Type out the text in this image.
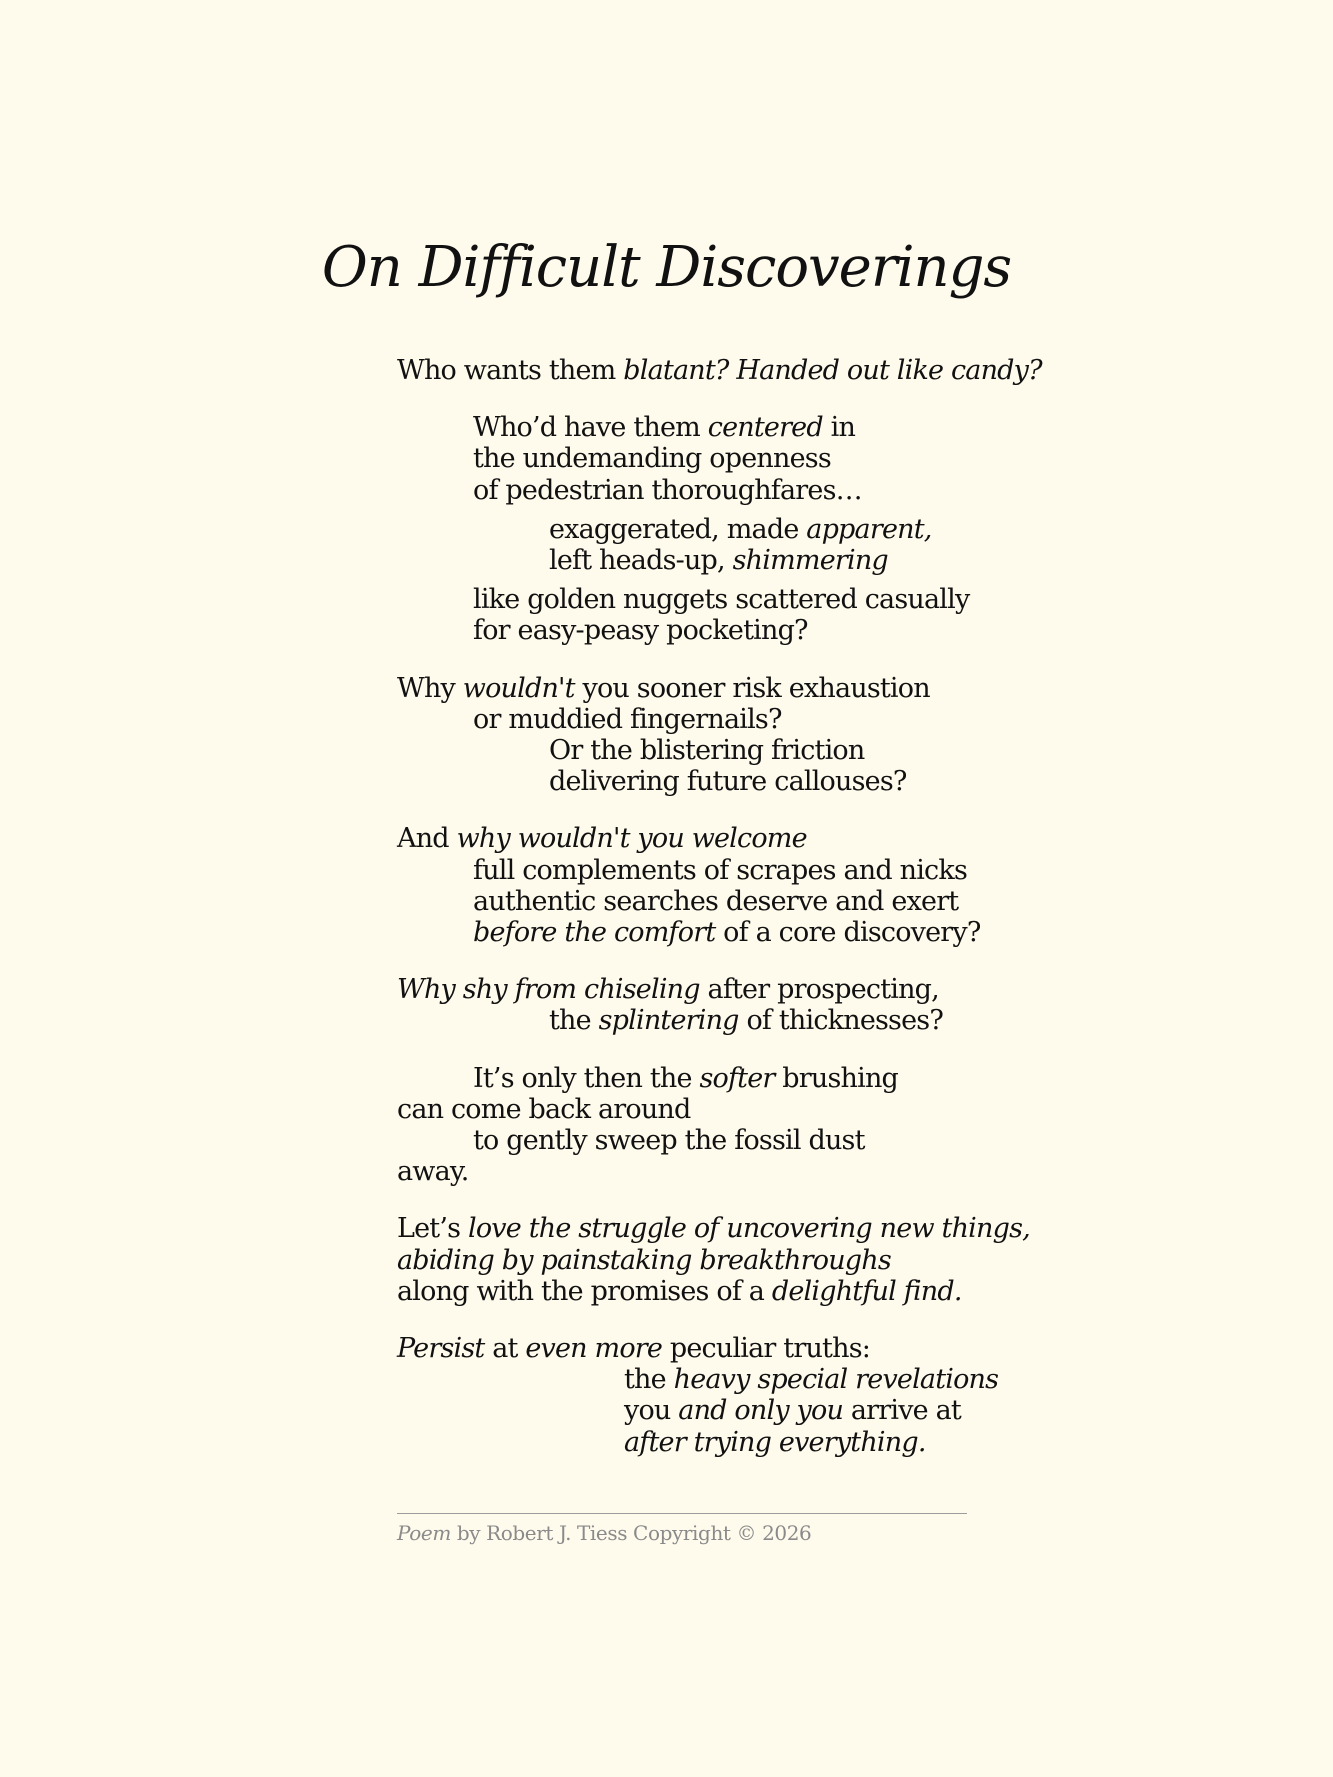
On Difficult Discoverings
Who wants them blatant? Handed out like candy?
Who’d have them centered in
the undemanding openness
of pedestrian thoroughfares…
exaggerated, made apparent,
left heads-up, shimmering
like golden nuggets scattered casually
for easy-peasy pocketing?
Why wouldn't you sooner risk exhaustion
or muddied fingernails?
Or the blistering friction
delivering future callouses?
And why wouldn't you welcome
full complements of scrapes and nicks
authentic searches deserve and exert
before the comfort of a core discovery?
Why shy from chiseling after prospecting,
the splintering of thicknesses?
It’s only then the softer brushing
can come back around
to gently sweep the fossil dust
away.
Let’s love the struggle of uncovering new things,
abiding by painstaking breakthroughs
along with the promises of a delightful find.
Persist at even more peculiar truths:
the heavy special revelations
you and only you arrive at
after trying everything.
Poem by Robert J. Tiess Copyright © 2026
